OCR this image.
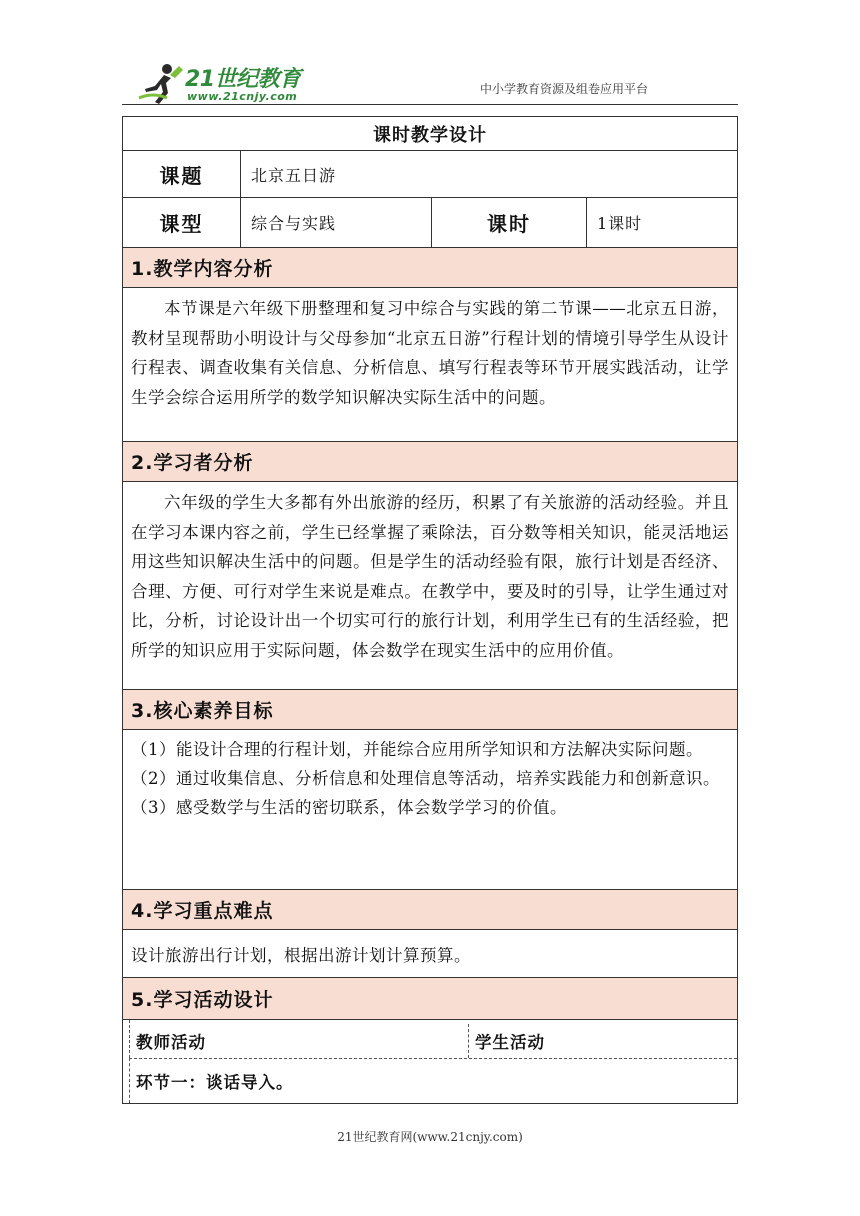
21世纪教育
www.21cnjy.com
中小学教育资源及组卷应用平台
课时教学设计
课题	北京五日游
课型	综合与实践	课时	1课时
1.教学内容分析
本节课是六年级下册整理和复习中综合与实践的第二节课——北京五日游，教材呈现帮助小明设计与父母参加“北京五日游”行程计划的情境引导学生从设计行程表、调查收集有关信息、分析信息、填写行程表等环节开展实践活动，让学生学会综合运用所学的数学知识解决实际生活中的问题。
2.学习者分析
六年级的学生大多都有外出旅游的经历，积累了有关旅游的活动经验。并且在学习本课内容之前，学生已经掌握了乘除法，百分数等相关知识，能灵活地运用这些知识解决生活中的问题。但是学生的活动经验有限，旅行计划是否经济、合理、方便、可行对学生来说是难点。在教学中，要及时的引导，让学生通过对比，分析，讨论设计出一个切实可行的旅行计划，利用学生已有的生活经验，把所学的知识应用于实际问题，体会数学在现实生活中的应用价值。
3.核心素养目标
（1）能设计合理的行程计划，并能综合应用所学知识和方法解决实际问题。
（2）通过收集信息、分析信息和处理信息等活动，培养实践能力和创新意识。
（3）感受数学与生活的密切联系，体会数学学习的价值。
4.学习重点难点
设计旅游出行计划，根据出游计划计算预算。
5.学习活动设计
教师活动	学生活动
环节一：谈话导入。
21世纪教育网(www.21cnjy.com)
